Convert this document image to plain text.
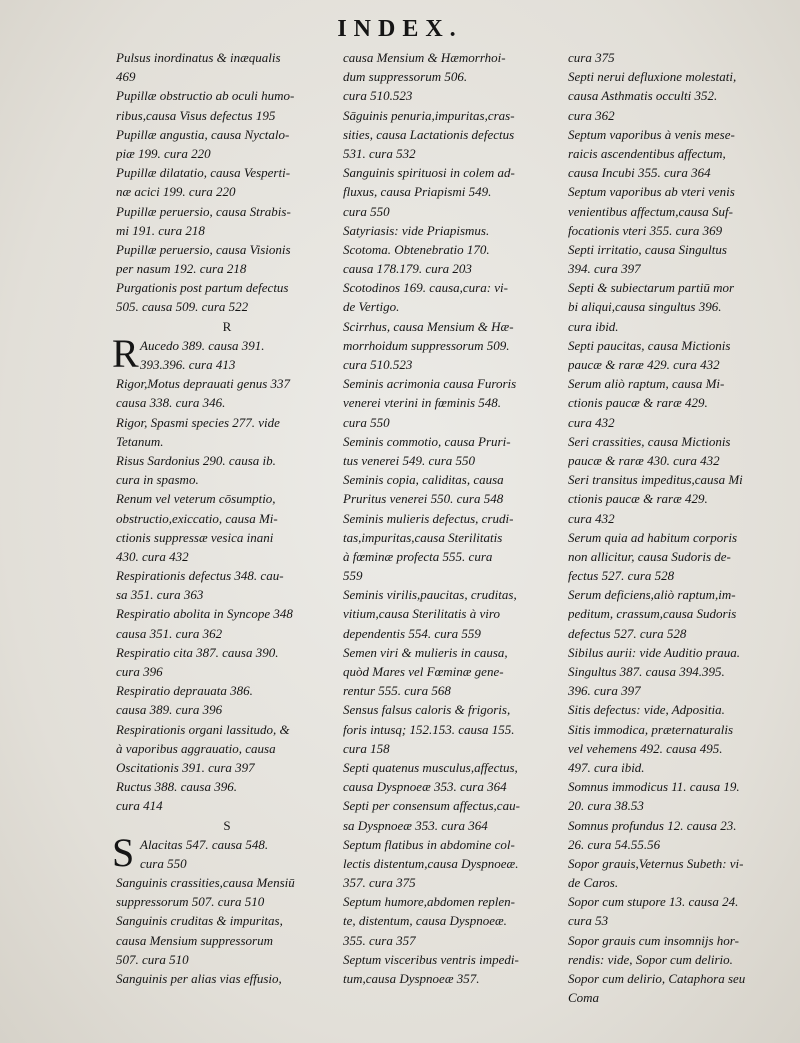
INDEX.
Pulsus inordinatus & inæqualis
469
Pupillæ obstructio ab oculi humo-
ribus,causa Visus defectus 195
Pupillæ angustia, causa Nyctalo-
piæ 199. cura 220
Pupillæ dilatatio, causa Vesperti-
næ acici 199. cura 220
Pupillæ peruersio, causa Strabis-
mi 191. cura 218
Pupillæ peruersio, causa Visionis
per nasum 192. cura 218
Purgationis post partum defectus
505. causa 509. cura 522
R
Aucedo 389. causa 391.
393.396. cura 413
Rigor,Motus deprauati genus 337
causa 338. cura 346.
Rigor, Spasmi species 277. vide
Tetanum.
Risus Sardonius 290. causa ib.
cura in spasmo.
Renum vel veterum cōsumptio,
obstructio,exiccatio, causa Mi-
ctionis suppressæ vesica inani
430. cura 432
Respirationis defectus 348. cau-
sa 351. cura 363
Respiratio abolita in Syncope 348
causa 351. cura 362
Respiratio cita 387. causa 390.
cura 396
Respiratio deprauata 386.
causa 389. cura 396
Respirationis organi lassitudo, &
à vaporibus aggrauatio, causa
Oscitationis 391. cura 397
Ructus 388. causa 396.
cura 414
S
Alacitas 547. causa 548.
cura 550
Sanguinis crassities,causa Mensiū
suppressorum 507. cura 510
Sanguinis cruditas & impuritas,
causa Mensium suppressorum
507. cura 510
Sanguinis per alias vias effusio,
R
S
causa Mensium & Hæmorrhoi-
dum suppressorum 506.
cura 510.523
Sāguinis penuria,impuritas,cras-
sities, causa Lactationis defectus
531. cura 532
Sanguinis spirituosi in colem ad-
fluxus, causa Priapismi 549.
cura 550
Satyriasis: vide Priapismus.
Scotoma. Obtenebratio 170.
causa 178.179. cura 203
Scotodinos 169. causa,cura: vi-
de Vertigo.
Scirrhus, causa Mensium & Hæ-
morrhoidum suppressorum 509.
cura 510.523
Seminis acrimonia causa Furoris
venerei vterini in fœminis 548.
cura 550
Seminis commotio, causa Pruri-
tus venerei 549. cura 550
Seminis copia, caliditas, causa
Pruritus venerei 550. cura 548
Seminis mulieris defectus, crudi-
tas,impuritas,causa Sterilitatis
à fœminæ profecta 555. cura
559
Seminis virilis,paucitas, cruditas,
vitium,causa Sterilitatis à viro
dependentis 554. cura 559
Semen viri & mulieris in causa,
quòd Mares vel Fœminæ gene-
rentur 555. cura 568
Sensus falsus caloris & frigoris,
foris intusq; 152.153. causa 155.
cura 158
Septi quatenus musculus,affectus,
causa Dyspnoeæ 353. cura 364
Septi per consensum affectus,cau-
sa Dyspnoeæ 353. cura 364
Septum flatibus in abdomine col-
lectis distentum,causa Dyspnoeæ.
357. cura 375
Septum humore,abdomen replen-
te, distentum, causa Dyspnoeæ.
355. cura 357
Septum visceribus ventris impedi-
tum,causa Dyspnoeæ 357.
cura 375
Septi nerui defluxione molestati,
causa Asthmatis occulti 352.
cura 362
Septum vaporibus à venis mese-
raicis ascendentibus affectum,
causa Incubi 355. cura 364
Septum vaporibus ab vteri venis
venientibus affectum,causa Suf-
focationis vteri 355. cura 369
Septi irritatio, causa Singultus
394. cura 397
Septi & subiectarum partiū mor
bi aliqui,causa singultus 396.
cura ibid.
Septi paucitas, causa Mictionis
paucæ & raræ 429. cura 432
Serum aliò raptum, causa Mi-
ctionis paucæ & raræ 429.
cura 432
Seri crassities, causa Mictionis
paucæ & raræ 430. cura 432
Seri transitus impeditus,causa Mi
ctionis paucæ & raræ 429.
cura 432
Serum quia ad habitum corporis
non allicitur, causa Sudoris de-
fectus 527. cura 528
Serum deficiens,aliò raptum,im-
peditum, crassum,causa Sudoris
defectus 527. cura 528
Sibilus aurii: vide Auditio praua.
Singultus 387. causa 394.395.
396. cura 397
Sitis defectus: vide, Adpositia.
Sitis immodica, præternaturalis
vel vehemens 492. causa 495.
497. cura ibid.
Somnus immodicus 11. causa 19.
20. cura 38.53
Somnus profundus 12. causa 23.
26. cura 54.55.56
Sopor grauis,Veternus Subeth: vi-
de Caros.
Sopor cum stupore 13. causa 24.
cura 53
Sopor grauis cum insomnijs hor-
rendis: vide, Sopor cum delirio.
Sopor cum delirio, Cataphora seu
Coma
